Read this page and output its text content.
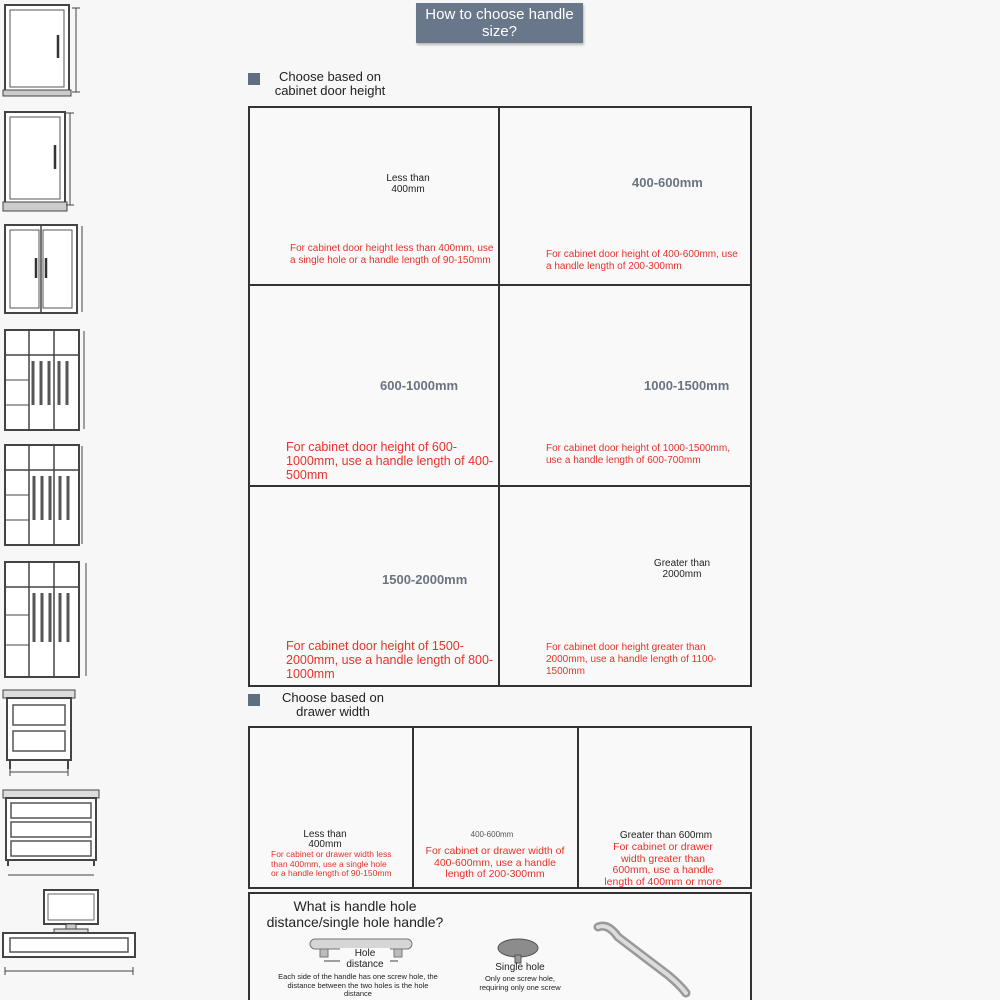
How to choose handle size?
Choose based on cabinet door height
Less than 400mm
For cabinet door height less than 400mm, use a single hole or a handle length of 90-150mm
400-600mm
For cabinet door height of 400-600mm, use a handle length of 200-300mm
600-1000mm
For cabinet door height of 600-1000mm, use a handle length of 400-500mm
1000-1500mm
For cabinet door height of 1000-1500mm, use a handle length of 600-700mm
1500-2000mm
For cabinet door height of 1500-2000mm, use a handle length of 800-1000mm
Greater than 2000mm
For cabinet door height greater than 2000mm, use a handle length of 1100-1500mm
Choose based on drawer width
Less than 400mm
For cabinet or drawer width less than 400mm, use a single hole or a handle length of 90-150mm
400-600mm
For cabinet or drawer width of 400-600mm, use a handle length of 200-300mm
Greater than 600mm
For cabinet or drawer width greater than 600mm, use a handle length of 400mm or more
What is handle hole distance/single hole handle?
Hole distance
Each side of the handle has one screw hole, the distance between the two holes is the hole distance
Single hole
Only one screw hole, requiring only one screw
